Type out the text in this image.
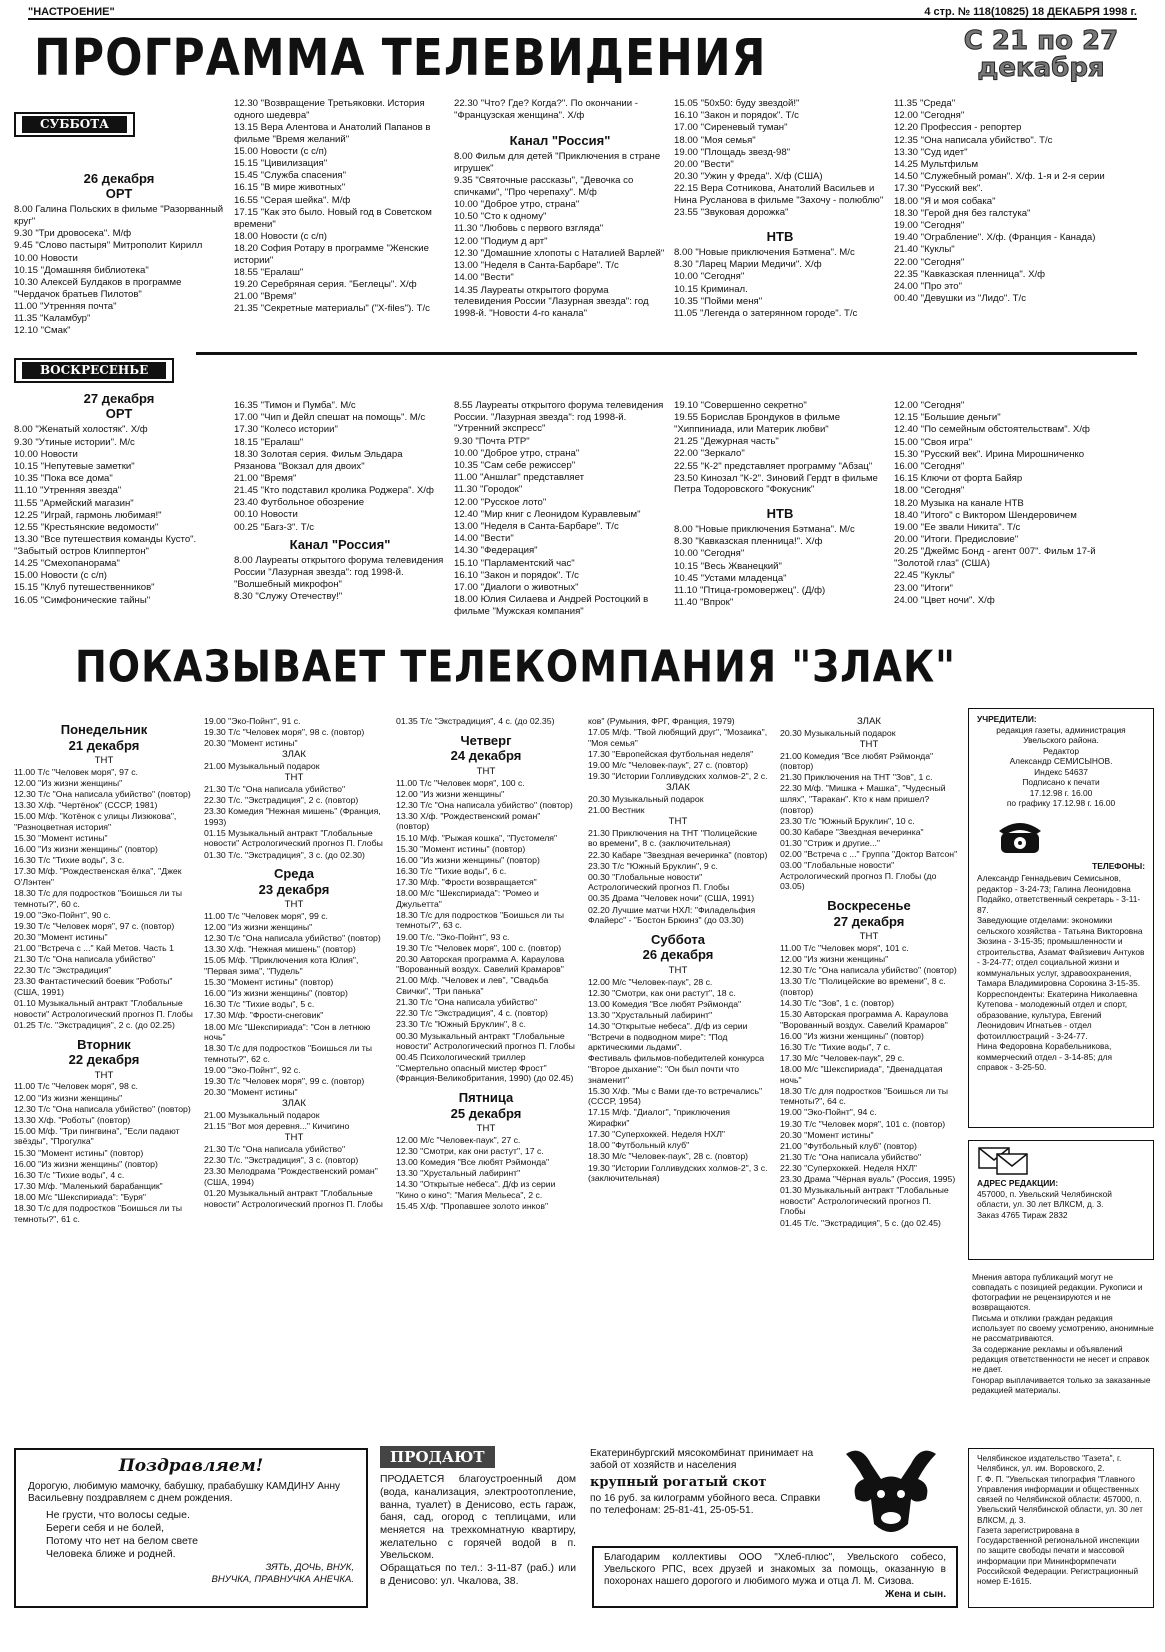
"НАСТРОЕНИЕ"	4 стр. № 118(10825) 18 ДЕКАБРЯ 1998 г.
ПРОГРАММА ТЕЛЕВИДЕНИЯ	С 21 по 27
декабря
СУББОТА
26 декабря
ОРТ

8.00 Галина Польских в фильме "Разорванный круг"

9.30 "Три дровосека". М/ф

9.45 "Слово пастыря" Митрополит Кирилл

10.00 Новости

10.15 "Домашняя библиотека"

10.30 Алексей Булдаков в программе "Чердачок братьев Пилотов"

11.00 "Утренняя почта"

11.35 "Каламбур"

12.10 "Смак"

12.30 "Возвращение Третьяковки. История одного шедевра"

13.15 Вера Алентова и Анатолий Папанов в фильме "Время желаний"

15.00 Новости (с с/п)

15.15 "Цивилизация"

15.45 "Служба спасения"

16.15 "В мире животных"

16.55 "Серая шейка". М/ф

17.15 "Как это было. Новый год в Советском времени"

18.00 Новости (с с/п)

18.20 София Ротару в программе "Женские истории"

18.55 "Ералаш"

19.20 Серебряная серия. "Беглецы". Х/ф

21.00 "Время"

21.35 "Секретные материалы" ("X-files"). Т/с

22.30 "Что? Где? Когда?". По окончании - "Французская женщина". Х/ф

Канал "Россия"

8.00 Фильм для детей "Приключения в стране игрушек"

9.35 "Святочные рассказы", "Девочка со спичками", "Про черепаху". М/ф

10.00 "Доброе утро, страна"

10.50 "Сто к одному"

11.30 "Любовь с первого взгляда"

12.00 "Подиум д арт"

12.30 "Домашние хлопоты с Наталией Варлей"

13.00 "Неделя в Санта-Барбаре". Т/с

14.00 "Вести"

14.35 Лауреаты открытого форума телевидения России "Лазурная звезда": год 1998-й. "Новости 4-го канала"

15.05 "50х50: буду звездой!"

16.10 "Закон и порядок". Т/с

17.00 "Сиреневый туман"

18.00 "Моя семья"

19.00 "Площадь звезд-98"

20.00 "Вести"

20.30 "Ужин у Фреда". Х/ф (США)

22.15 Вера Сотникова, Анатолий Васильев и Нина Русланова в фильме "Захочу - полюблю"

23.55 "Звуковая дорожка"

НТВ

8.00 "Новые приключения Бэтмена". М/с

8.30 "Ларец Марии Медичи". Х/ф

10.00 "Сегодня"

10.15 Криминал.

10.35 "Пойми меня"

11.05 "Легенда о затерянном городе". Т/с

11.35 "Среда"

12.00 "Сегодня"

12.20 Профессия - репортер

12.35 "Она написала убийство". Т/с

13.30 "Суд идет"

14.25 Мультфильм

14.50 "Служебный роман". Х/ф. 1-я и 2-я серии

17.30 "Русский век".

18.00 "Я и моя собака"

18.30 "Герой дня без галстука"

19.00 "Сегодня"

19.40 "Ограбление". Х/ф. (Франция - Канада)

21.40 "Куклы"

22.00 "Сегодня"

22.35 "Кавказская пленница". Х/ф

24.00 "Про это"

00.40 "Девушки из "Лидо". Т/с

ВОСКРЕСЕНЬЕ
27 декабря
ОРТ

8.00 "Женатый холостяк". Х/ф

9.30 "Утиные истории". М/с

10.00 Новости

10.15 "Непутевые заметки"

10.35 "Пока все дома"

11.10 "Утренняя звезда"

11.55 "Армейский магазин"

12.25 "Играй, гармонь любимая!"

12.55 "Крестьянские ведомости"

13.30 "Все путешествия команды Кусто". "Забытый остров Клиппертон"

14.25 "Смехопанорама"

15.00 Новости (с с/п)

15.15 "Клуб путешественников"

16.05 "Симфонические тайны"

16.35 "Тимон и Пумба". М/с

17.00 "Чип и Дейл спешат на помощь". М/с

17.30 "Колесо истории"

18.15 "Ералаш"

18.30 Золотая серия. Фильм Эльдара Рязанова "Вокзал для двоих"

21.00 "Время"

21.45 "Кто подставил кролика Роджера". Х/ф

23.40 Футбольное обозрение

00.10 Новости

00.25 "Багз-3". Т/с

Канал "Россия"

8.00 Лауреаты открытого форума телевидения России "Лазурная звезда": год 1998-й. "Волшебный микрофон"

8.30 "Служу Отечеству!"

8.55 Лауреаты открытого форума телевидения России. "Лазурная звезда": год 1998-й. "Утренний экспресс"

9.30 "Почта РТР"

10.00 "Доброе утро, страна"

10.35 "Сам себе режиссер"

11.00 "Аншлаг" представляет

11.30 "Городок"

12.00 "Русское лото"

12.40 "Мир книг с Леонидом Куравлевым"

13.00 "Неделя в Санта-Барбаре". Т/с

14.00 "Вести"

14.30 "Федерация"

15.10 "Парламентский час"

16.10 "Закон и порядок". Т/с

17.00 "Диалоги о животных"

18.00 Юлия Силаева и Андрей Ростоцкий в фильме "Мужская компания"

19.10 "Совершенно секретно"

19.55 Борислав Брондуков в фильме "Хиппиниада, или Материк любви"

21.25 "Дежурная часть"

22.00 "Зеркало"

22.55 "К-2" представляет программу "Абзац"

23.50 Кинозал "К-2". Зиновий Гердт в фильме Петра Тодоровского "Фокусник"

НТВ

8.00 "Новые приключения Бэтмана". М/с

8.30 "Кавказская пленница!". Х/ф

10.00 "Сегодня"

10.15 "Весь Жванецкий"

10.45 "Устами младенца"

11.10 "Птица-громовержец". (Д/ф)

11.40 "Впрок"

12.00 "Сегодня"

12.15 "Большие деньги"

12.40 "По семейным обстоятельствам". Х/ф

15.00 "Своя игра"

15.30 "Русский век". Ирина Мирошниченко

16.00 "Сегодня"

16.15 Ключи от форта Байяр

18.00 "Сегодня"

18.20 Музыка на канале НТВ

18.40 "Итого" с Виктором Шендеровичем

19.00 "Ее звали Никита". Т/с

20.00 "Итоги. Предисловие"

20.25 "Джеймс Бонд - агент 007". Фильм 17-й "Золотой глаз" (США)

22.45 "Куклы"

23.00 "Итоги"

24.00 "Цвет ночи". Х/ф

ПОКАЗЫВАЕТ ТЕЛЕКОМПАНИЯ "ЗЛАК"
Понедельник
21 декабря
ТНТ

11.00 Т/с "Человек моря", 97 с.

12.00 "Из жизни женщины"

12.30 Т/с "Она написала убийство" (повтор)

13.30 Х/ф. "Чертёнок" (СССР, 1981)

15.00 М/ф. "Котёнок с улицы Лизюкова", "Разноцветная история"

15.30 "Момент истины"

16.00 "Из жизни женщины" (повтор)

16.30 Т/с "Тихие воды", 3 с.

17.30 М/ф. "Рождественская ёлка", "Джек О'Лэнтен"

18.30 Т/с для подростков "Боишься ли ты темноты?", 60 с.

19.00 "Эко-Пойнт", 90 с.

19.30 Т/с "Человек моря", 97 с. (повтор)

20.30 "Момент истины"

21.00 "Встреча с ..." Кай Метов. Часть 1

21.30 Т/с "Она написала убийство"

22.30 Т/с "Экстрадиция"

23.30 Фантастический боевик "Роботы" (США, 1991)

01.10 Музыкальный антракт "Глобальные новости" Астрологический прогноз П. Глобы

01.25 Т/с. "Экстрадиция", 2 с. (до 02.25)

Вторник
22 декабря
ТНТ

11.00 Т/с "Человек моря", 98 с.

12.00 "Из жизни женщины"

12.30 Т/с "Она написала убийство" (повтор)

13.30 Х/ф. "Роботы" (повтор)

15.00 М/ф. "Три пингвина", "Если падают звёзды", "Прогулка"

15.30 "Момент истины" (повтор)

16.00 "Из жизни женщины" (повтор)

16.30 Т/с "Тихие воды", 4 с.

17.30 М/ф. "Маленький барабанщик"

18.00 М/с "Шекспириада": "Буря"

18.30 Т/с для подростков "Боишься ли ты темноты?", 61 с.

19.00 "Эко-Пойнт", 91 с.

19.30 Т/с "Человек моря", 98 с. (повтор)

20.30 "Момент истины"

ЗЛАК

21.00 Музыкальный подарок

ТНТ

21.30 Т/с "Она написала убийство"

22.30 Т/с. "Экстрадиция", 2 с. (повтор)

23.30 Комедия "Нежная мишень" (Франция, 1993)

01.15 Музыкальный антракт "Глобальные новости" Астрологический прогноз П. Глобы

01.30 Т/с. "Экстрадиция", 3 с. (до 02.30)

Среда
23 декабря
ТНТ

11.00 Т/с "Человек моря", 99 с.

12.00 "Из жизни женщины"

12.30 Т/с "Она написала убийство" (повтор)

13.30 Х/ф. "Нежная мишень" (повтор)

15.05 М/ф. "Приключения кота Юлия", "Первая зима", "Пудель"

15.30 "Момент истины" (повтор)

16.00 "Из жизни женщины" (повтор)

16.30 Т/с "Тихие воды", 5 с.

17.30 М/ф. "Фрости-снеговик"

18.00 М/с "Шекспириада": "Сон в летнюю ночь"

18.30 Т/с для подростков "Боишься ли ты темноты?", 62 с.

19.00 "Эко-Пойнт", 92 с.

19.30 Т/с "Человек моря", 99 с. (повтор)

20.30 "Момент истины"

ЗЛАК

21.00 Музыкальный подарок

21.15 "Вот моя деревня..." Кичигино

ТНТ

21.30 Т/с "Она написала убийство"

22.30 Т/с. "Экстрадиция", 3 с. (повтор)

23.30 Мелодрама "Рождественский роман" (США, 1994)

01.20 Музыкальный антракт "Глобальные новости" Астрологический прогноз П. Глобы

01.35 Т/с "Экстрадиция", 4 с. (до 02.35)

Четверг
24 декабря
ТНТ

11.00 Т/с "Человек моря", 100 с.

12.00 "Из жизни женщины"

12.30 Т/с "Она написала убийство" (повтор)

13.30 Х/ф. "Рождественский роман" (повтор)

15.10 М/ф. "Рыжая кошка", "Пустомеля"

15.30 "Момент истины" (повтор)

16.00 "Из жизни женщины" (повтор)

16.30 Т/с "Тихие воды", 6 с.

17.30 М/ф. "Фрости возвращается"

18.00 М/с "Шекспириада": "Ромео и Джульетта"

18.30 Т/с для подростков "Боишься ли ты темноты?", 63 с.

19.00 Т/с. "Эко-Пойнт", 93 с.

19.30 Т/с "Человек моря", 100 с. (повтор)

20.30 Авторская программа А. Караулова "Ворованный воздух. Савелий Крамаров"

21.00 М/ф. "Человек и лев", "Свадьба Свички", "Три панька"

21.30 Т/с "Она написала убийство"

22.30 Т/с "Экстрадиция", 4 с. (повтор)

23.30 Т/с "Южный Бруклин", 8 с.

00.30 Музыкальный антракт "Глобальные новости" Астрологический прогноз П. Глобы

00.45 Психологический триллер "Смертельно опасный мистер Фрост" (Франция-Великобритания, 1990) (до 02.45)

Пятница
25 декабря
ТНТ

12.00 М/с "Человек-паук", 27 с.

12.30 "Смотри, как они растут", 17 с.

13.00 Комедия "Все любят Рэймонда"

13.30 "Хрустальный лабиринт"

14.30 "Открытые небеса". Д/ф из серии "Кино о кино": "Магия Мельеса", 2 с.

15.45 Х/ф. "Пропавшее золото инков"

ков" (Румыния, ФРГ, Франция, 1979)

17.05 М/ф. "Твой любящий друг", "Мозаика", "Моя семья"

17.30 "Европейская футбольная неделя"

19.00 М/с "Человек-паук", 27 с. (повтор)

19.30 "Истории Голливудских холмов-2", 2 с.

ЗЛАК

20.30 Музыкальный подарок

21.00 Вестник

ТНТ

21.30 Приключения на ТНТ "Полицейские во времени", 8 с. (заключительная)

22.30 Кабаре "Звездная вечеринка" (повтор)

23.30 Т/с "Южный Бруклин", 9 с.

00.30 "Глобальные новости" Астрологический прогноз П. Глобы

00.35 Драма "Человек ночи" (США, 1991)

02.20 Лучшие матчи НХЛ: "Филадельфия Флайерс" - "Бостон Брюинз" (до 03.30)

Суббота
26 декабря
ТНТ

12.00 М/с "Человек-паук", 28 с.

12.30 "Смотри, как они растут", 18 с.

13.00 Комедия "Все любят Рэймонда"

13.30 "Хрустальный лабиринт"

14.30 "Открытые небеса". Д/ф из серии "Встречи в подводном мире": "Под арктическими льдами".

Фестиваль фильмов-победителей конкурса "Второе дыхание": "Он был почти что знаменит"

15.30 Х/ф. "Мы с Вами где-то встречались" (СССР, 1954)

17.15 М/ф. "Диалог", "приключения Жирафки"

17.30 "Суперхоккей. Неделя НХЛ"

18.00 "Футбольный клуб"

18.30 М/с "Человек-паук", 28 с. (повтор)

19.30 "Истории Голливудских холмов-2", 3 с. (заключительная)

ЗЛАК

20.30 Музыкальный подарок

ТНТ

21.00 Комедия "Все любят Рэймонда" (повтор)

21.30 Приключения на ТНТ "Зов", 1 с.

22.30 М/ф. "Мишка + Машка", "Чудесный шлях", "Таракан". Кто к нам пришел? (повтор)

23.30 Т/с "Южный Бруклин", 10 с.

00.30 Кабаре "Звездная вечеринка"

01.30 "Стриж и другие..."

02.00 "Встреча с ..." Группа "Доктор Ватсон"

03.00 "Глобальные новости" Астрологический прогноз П. Глобы (до 03.05)

Воскресенье
27 декабря
ТНТ

11.00 Т/с "Человек моря", 101 с.

12.00 "Из жизни женщины"

12.30 Т/с "Она написала убийство" (повтор)

13.30 Т/с "Полицейские во времени", 8 с. (повтор)

14.30 Т/с "Зов", 1 с. (повтор)

15.30 Авторская программа А. Караулова "Ворованный воздух. Савелий Крамаров"

16.00 "Из жизни женщины" (повтор)

16.30 Т/с "Тихие воды", 7 с.

17.30 М/с "Человек-паук", 29 с.

18.00 М/с "Шекспириада", "Двенадцатая ночь"

18.30 Т/с для подростков "Боишься ли ты темноты?", 64 с.

19.00 "Эко-Пойнт", 94 с.

19.30 Т/с "Человек моря", 101 с. (повтор)

20.30 "Момент истины"

21.00 "Футбольный клуб" (повтор)

21.30 Т/с "Она написала убийство"

22.30 "Суперхоккей. Неделя НХЛ"

23.30 Драма "Чёрная вуаль" (Россия, 1995)

01.30 Музыкальный антракт "Глобальные новости" Астрологический прогноз П. Глобы

01.45 Т/с. "Экстрадиция", 5 с. (до 02.45)

УЧРЕДИТЕЛИ:

редакция газеты, администрация Увельского района.

Редактор

Александр СЕМИСЫНОВ.

Индекс 54637

Подписано к печати

17.12.98 г. 16.00

по графику 17.12.98 г. 16.00

ТЕЛЕФОНЫ:

Александр Геннадьевич Семисынов, редактор - 3-24-73; Галина Леонидовна Подайко, ответственный секретарь - 3-11-87.

Заведующие отделами: экономики сельского хозяйства - Татьяна Викторовна Зюзина - 3-15-35; промышленности и строительства, Азамат Файзиевич Антуков - 3-24-77; отдел социальной жизни и коммунальных услуг, здравоохранения, Тамара Владимировна Сорокина 3-15-35.

Корреспонденты: Екатерина Николаевна Кутепова - молодежный отдел и спорт, образование, культура, Евгений Леонидович Игнатьев - отдел фотоиллюстраций - 3-24-77.

Нина Федоровна Корабельникова, коммерческий отдел - 3-14-85; для справок - 3-25-50.

АДРЕС РЕДАКЦИИ:

457000, п. Увельский Челябинской области, ул. 30 лет ВЛКСМ, д. 3.

Заказ 4765 Тираж 2832

Мнения автора публикаций могут не совпадать с позицией редакции. Рукописи и фотографии не рецензируются и не возвращаются.

Письма и отклики граждан редакция использует по своему усмотрению, анонимные не рассматриваются.

За содержание рекламы и объявлений редакция ответственности не несет и справок не дает.

Гонорар выплачивается только за заказанные редакцией материалы.

Челябинское издательство "Газета", г. Челябинск, ул. им. Воровского, 2.

Г. Ф. П. "Увельская типография "Главного Управления информации и общественных связей по Челябинской области: 457000, п. Увельский Челябинской области, ул. 30 лет ВЛКСМ, д. 3.

Газета зарегистрирована в Государственной региональной инспекции по защите свободы печати и массовой информации при Мининформпечати Российской Федерации. Регистрационный номер Е-1615.

Поздравляем!

Дорогую, любимую мамочку, бабушку, прабабушку КАМДИНУ Анну Васильевну поздравляем с днем рождения.

Не грусти, что волосы седые.

Береги себя и не болей,

Потому что нет на белом свете

Человека ближе и родней.

ЗЯТЬ, ДОЧЬ, ВНУК,

ВНУЧКА, ПРАВНУЧКА АНЕЧКА.

ПРОДАЮТ
ПРОДАЕТСЯ благоустроенный дом (вода, канализация, электроотопление, ванна, туалет) в Денисово, есть гараж, баня, сад, огород с теплицами, или меняется на трехкомнатную квартиру, желательно с горячей водой в п. Увельском.
Обращаться по тел.: 3-11-87 (раб.) или в Денисово: ул. Чкалова, 38.
Екатеринбургский мясокомбинат принимает на забой от хозяйств и населения
крупный рогатый скот
по 16 руб. за килограмм убойного веса. Справки по телефонам: 25-81-41, 25-05-51.
Благодарим коллективы ООО "Хлеб-плюс", Увельского собесо, Увельского РПС, всех друзей и знакомых за помощь, оказанную в похоронах нашего дорогого и любимого мужа и отца Л. М. Сизова.
Жена и сын.
